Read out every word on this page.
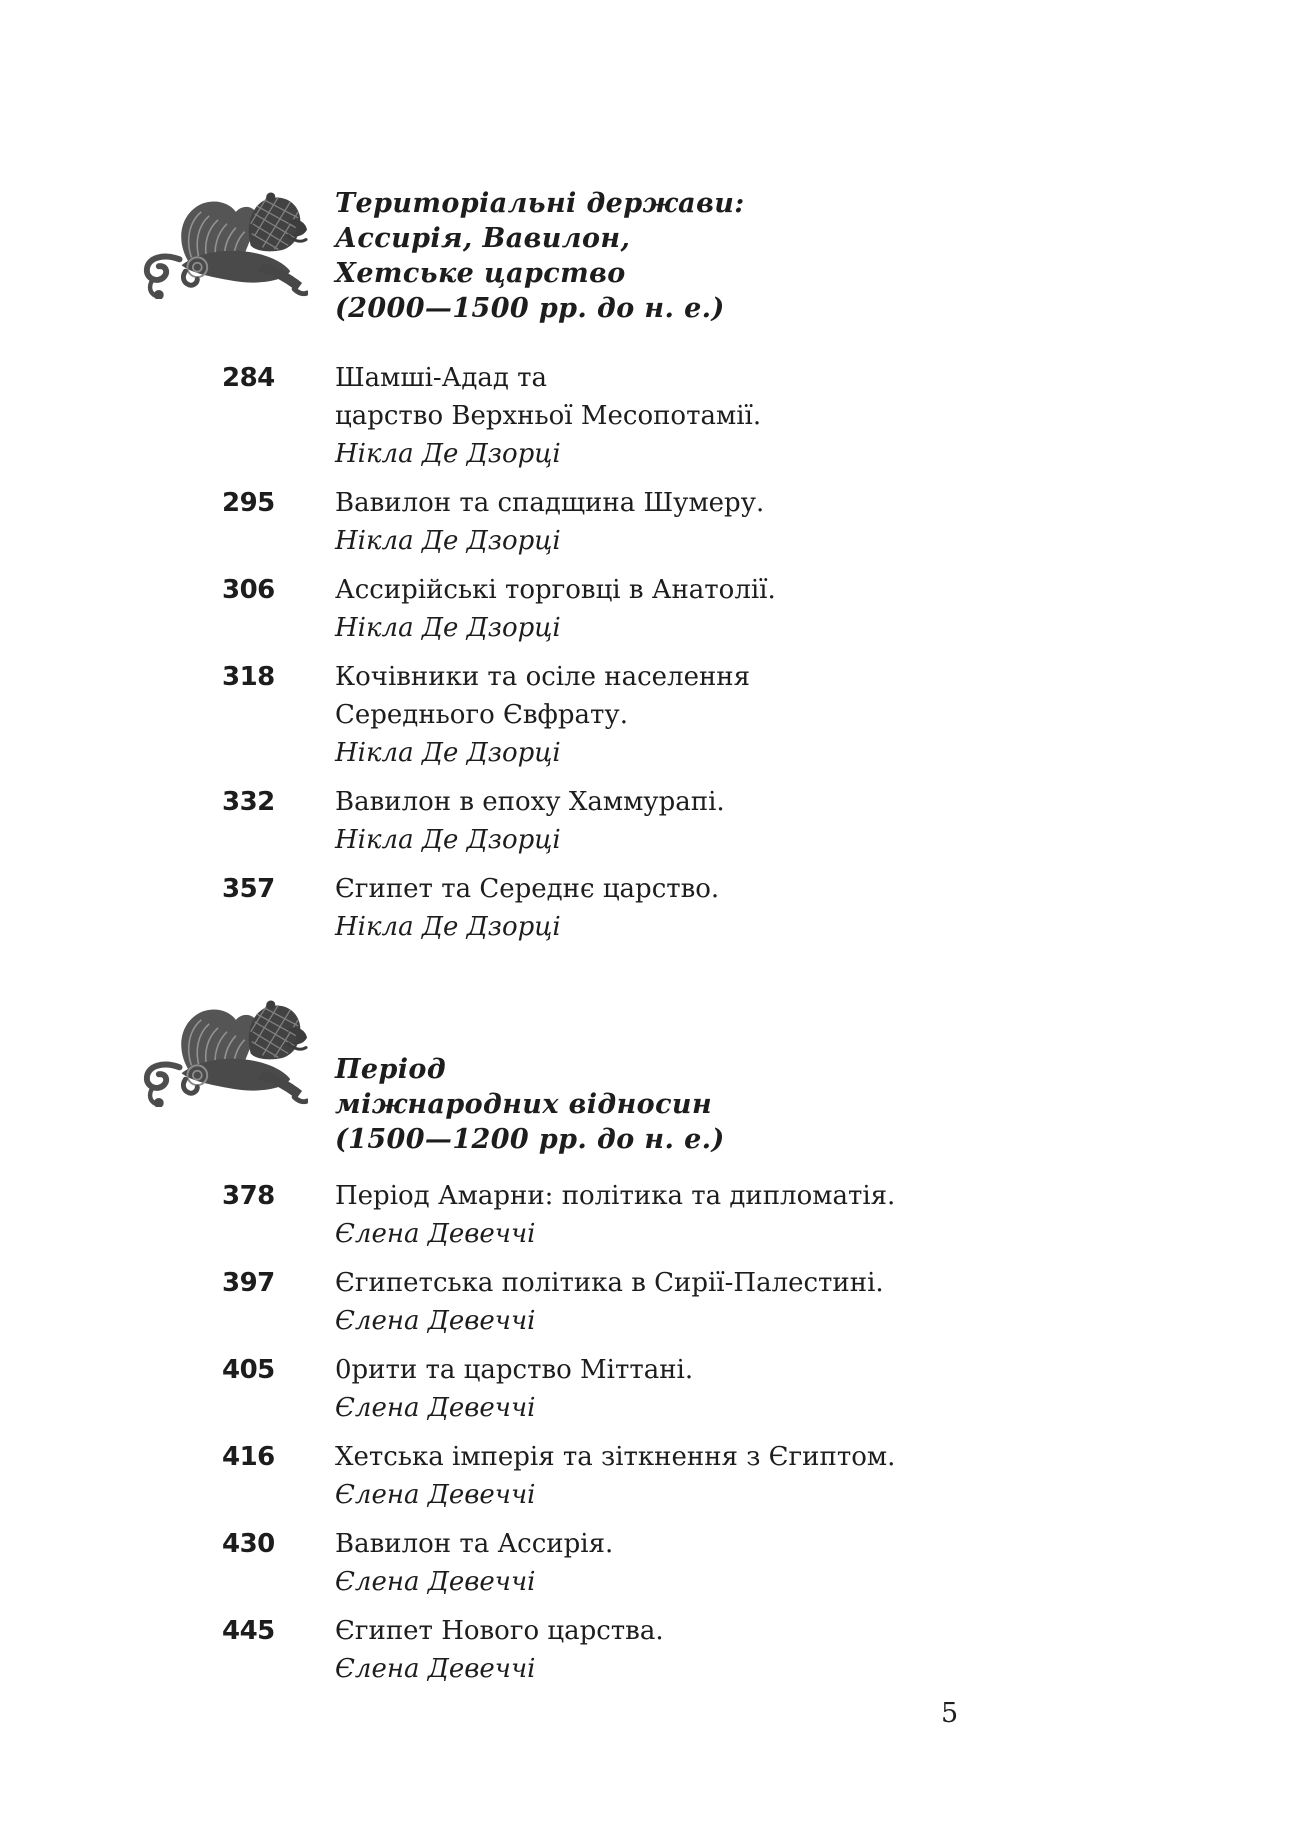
Територіальні держави:
Ассирія, Вавилон,
Хетське царство
(2000—1500 рр. до н. е.)
284	Шамші-Адад та
царство Верхньої Месопотамії.
Нікла Де Дзорці
295	Вавилон та спадщина Шумеру.
Нікла Де Дзорці
306	Ассирійські торговці в Анатолії.
Нікла Де Дзорці
318	Кочівники та осіле населення
Середнього Євфрату.
Нікла Де Дзорці
332	Вавилон в епоху Хаммурапі.
Нікла Де Дзорці
357	Єгипет та Середнє царство.
Нікла Де Дзорці
Період
міжнародних відносин
(1500—1200 рр. до н. е.)
378	Період Амарни: політика та дипломатія.
Єлена Девеччі
397	Єгипетська політика в Сирії-Палестині.
Єлена Девеччі
405	0рити та царство Міттані.
Єлена Девеччі
416	Хетська імперія та зіткнення з Єгиптом.
Єлена Девеччі
430	Вавилон та Ассирія.
Єлена Девеччі
445	Єгипет Нового царства.
Єлена Девеччі
5
